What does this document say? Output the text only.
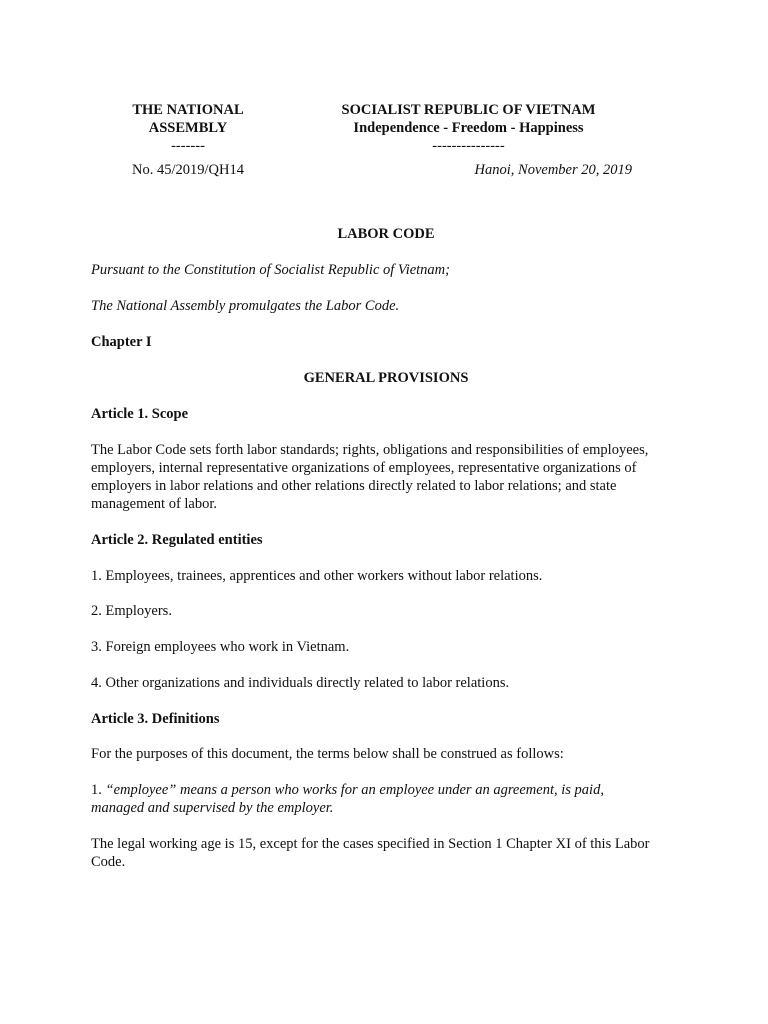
THE NATIONAL
ASSEMBLY
-------
SOCIALIST REPUBLIC OF VIETNAM
Independence - Freedom - Happiness
---------------
No. 45/2019/QH14	Hanoi, November 20, 2019
LABOR CODE
Pursuant to the Constitution of Socialist Republic of Vietnam;
The National Assembly promulgates the Labor Code.
Chapter I
GENERAL PROVISIONS
Article 1. Scope
The Labor Code sets forth labor standards; rights, obligations and responsibilities of employees,
employers, internal representative organizations of employees, representative organizations of
employers in labor relations and other relations directly related to labor relations; and state
management of labor.
Article 2. Regulated entities
1. Employees, trainees, apprentices and other workers without labor relations.
2. Employers.
3. Foreign employees who work in Vietnam.
4. Other organizations and individuals directly related to labor relations.
Article 3. Definitions
For the purposes of this document, the terms below shall be construed as follows:
1. “employee” means a person who works for an employee under an agreement, is paid,
managed and supervised by the employer.
The legal working age is 15, except for the cases specified in Section 1 Chapter XI of this Labor
Code.
